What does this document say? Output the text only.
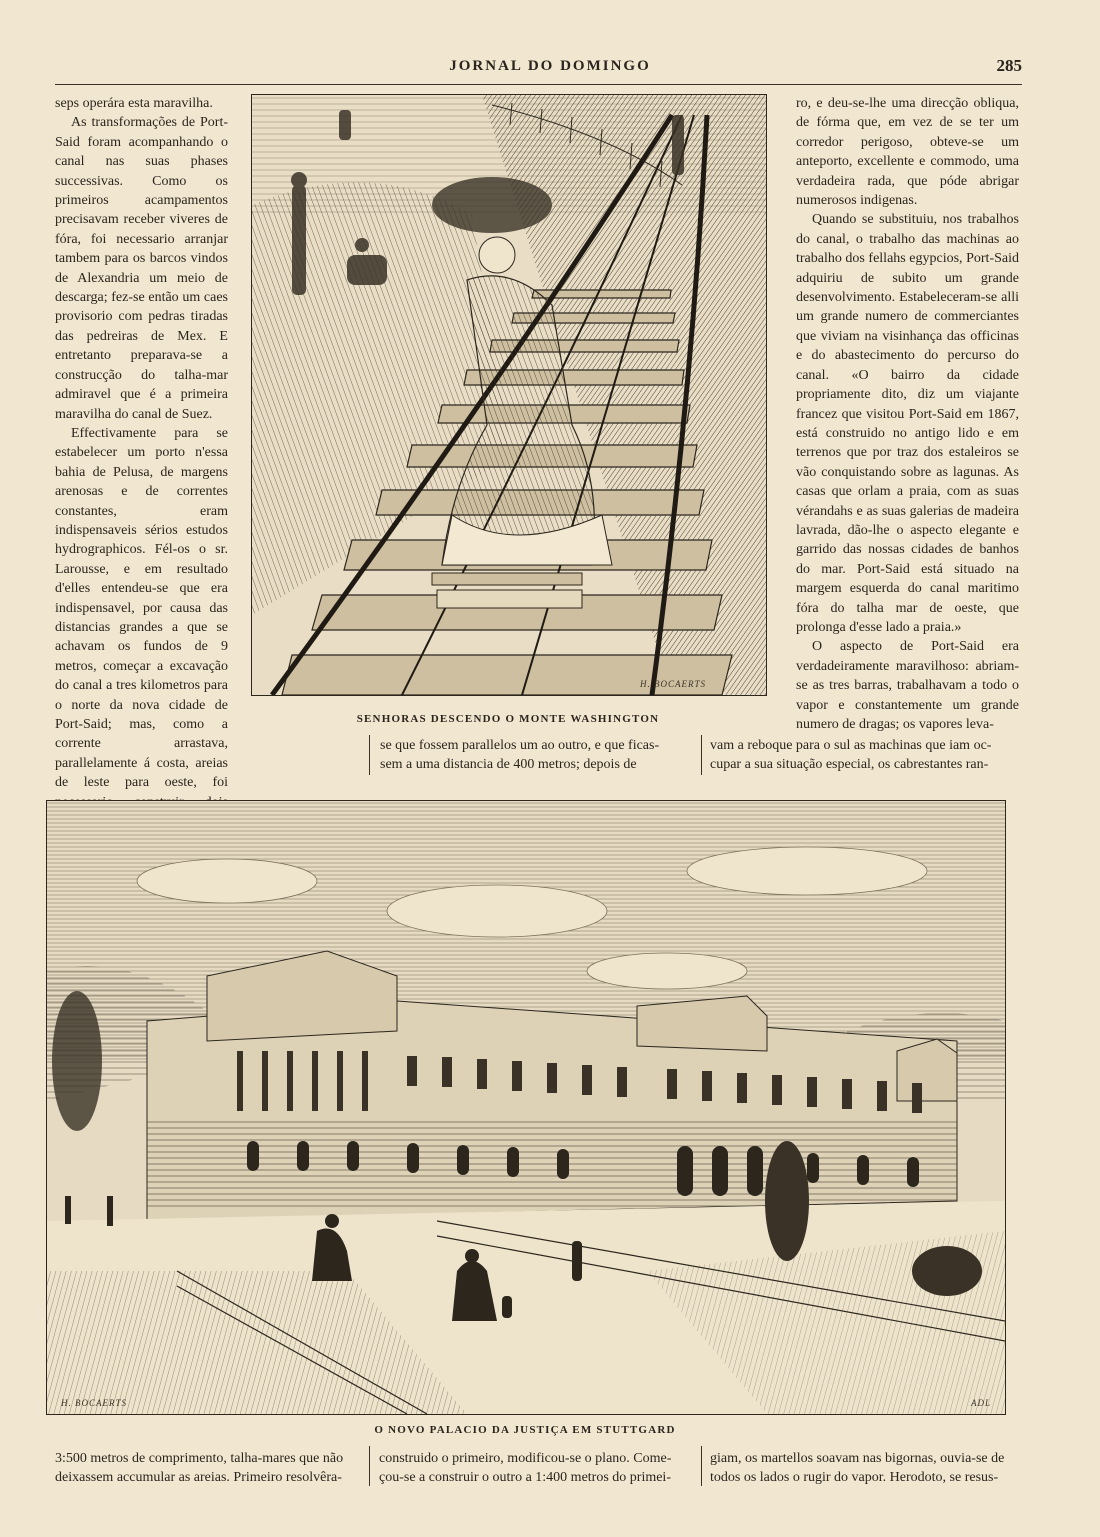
JORNAL DO DOMINGO	285

seps operára esta maravilha.

As transformações de Port-Said foram acompanhando o canal nas suas phases successivas. Como os primeiros acampamentos precisavam receber viveres de fóra, foi necessario arranjar tambem para os barcos vindos de Alexandria um meio de descarga; fez-se então um caes provisorio com pedras tiradas das pedreiras de Mex. E entretanto preparava-se a construcção do talha-mar admiravel que é a primeira maravilha do canal de Suez.

Effectivamente para se estabelecer um porto n'essa bahia de Pelusa, de margens arenosas e de correntes constantes, eram indispensaveis sérios estudos hydrographicos. Fél-os o sr. Larousse, e em resultado d'elles entendeu-se que era indispensavel, por causa das distancias grandes a que se achavam os fundos de 9 metros, começar a excavação do canal a tres kilometros para o norte da nova cidade de Port-Said; mas, como a corrente arrastava, parallelamente á costa, areias de leste para oeste, foi

H. BOCAERTS

ro, e deu-se-lhe uma direcção obliqua, de fórma que, em vez de se ter um corredor perigoso, obteve-se um anteporto, excellente e commodo, uma verdadeira rada, que póde abrigar numerosos indigenas.

Quando se substituiu, nos trabalhos do canal, o trabalho das machinas ao trabalho dos fellahs egypcios, Port-Said adquiriu de subito um grande desenvolvimento. Estabeleceram-se alli um grande numero de commerciantes que viviam na visinhança das officinas e do abastecimento do percurso do canal. «O bairro da cidade propriamente dito, diz um viajante francez que visitou Port-Said em 1867, está construido no antigo lido e em terrenos que por traz dos estaleiros se vão conquistando sobre as lagunas. As casas que orlam a praia, com as suas vérandahs e as suas galerias de madeira lavrada, dão-lhe o aspecto elegante e garrido das nossas cidades de banhos do mar. Port-Said está situado na margem esquerda do canal maritimo fóra do talha mar de oeste, que prolonga d'esse lado a praia.»

O aspecto de Port-Said era verdadeiramente maravilhoso: abriam-se as tres barras, trabalhavam a todo o vapor e constantemente um grande numero de dragas; os vapores leva-

SENHORAS DESCENDO O MONTE WASHINGTON
se que fossem parallelos um ao outro, e que ficas-
sem a uma distancia de 400 metros; depois de
vam a reboque para o sul as machinas que iam oc-
cupar a sua situação especial, os cabrestantes ran-
H. BOCAERTS	ADL
O NOVO PALACIO DA JUSTIÇA EM STUTTGARD
3:500 metros de comprimento, talha-mares que não
deixassem accumular as areias. Primeiro resolvêra-
construido o primeiro, modificou-se o plano. Come-
çou-se a construir o outro a 1:400 metros do primei-
giam, os martellos soavam nas bigornas, ouvia-se de
todos os lados o rugir do vapor. Herodoto, se resus-
